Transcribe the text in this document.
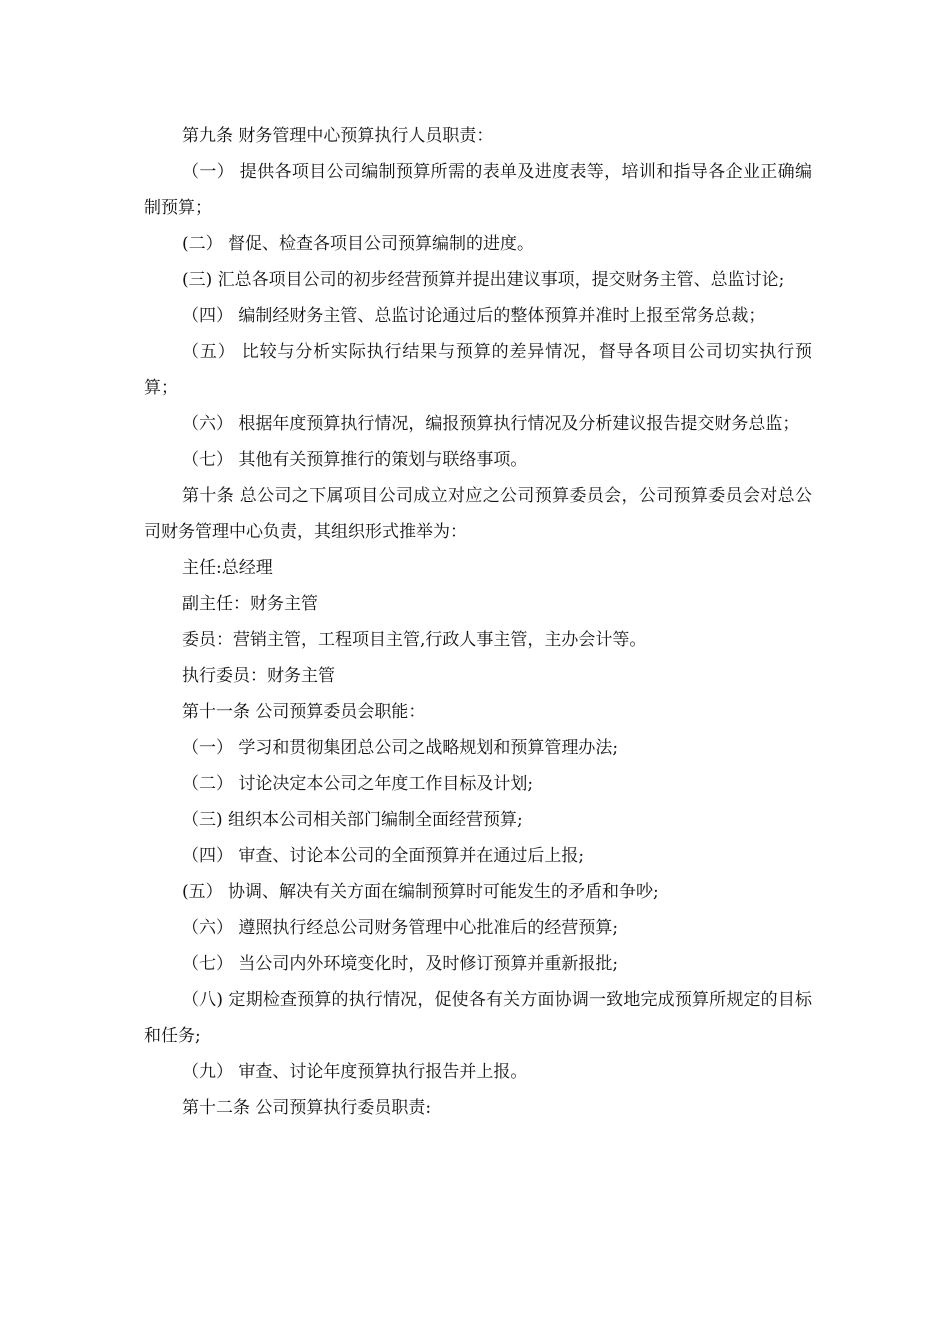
第九条 财务管理中心预算执行人员职责：

（一） 提供各项目公司编制预算所需的表单及进度表等，培训和指导各企业正确编制预算；

(二） 督促、检查各项目公司预算编制的进度。

(三) 汇总各项目公司的初步经营预算并提出建议事项，提交财务主管、总监讨论;

（四） 编制经财务主管、总监讨论通过后的整体预算并准时上报至常务总裁；

（五） 比较与分析实际执行结果与预算的差异情况，督导各项目公司切实执行预算；

（六） 根据年度预算执行情况，编报预算执行情况及分析建议报告提交财务总监；

（七） 其他有关预算推行的策划与联络事项。

第十条 总公司之下属项目公司成立对应之公司预算委员会，公司预算委员会对总公司财务管理中心负责，其组织形式推举为：

主任:总经理

副主任：财务主管

委员：营销主管，工程项目主管,行政人事主管，主办会计等。

执行委员：财务主管

第十一条 公司预算委员会职能：

（一） 学习和贯彻集团总公司之战略规划和预算管理办法;

（二） 讨论决定本公司之年度工作目标及计划;

（三) 组织本公司相关部门编制全面经营预算;

（四） 审查、讨论本公司的全面预算并在通过后上报;

(五） 协调、解决有关方面在编制预算时可能发生的矛盾和争吵;

（六） 遵照执行经总公司财务管理中心批准后的经营预算;

（七） 当公司内外环境变化时，及时修订预算并重新报批;

（八) 定期检查预算的执行情况，促使各有关方面协调一致地完成预算所规定的目标和任务;

（九） 审查、讨论年度预算执行报告并上报。

第十二条 公司预算执行委员职责:
